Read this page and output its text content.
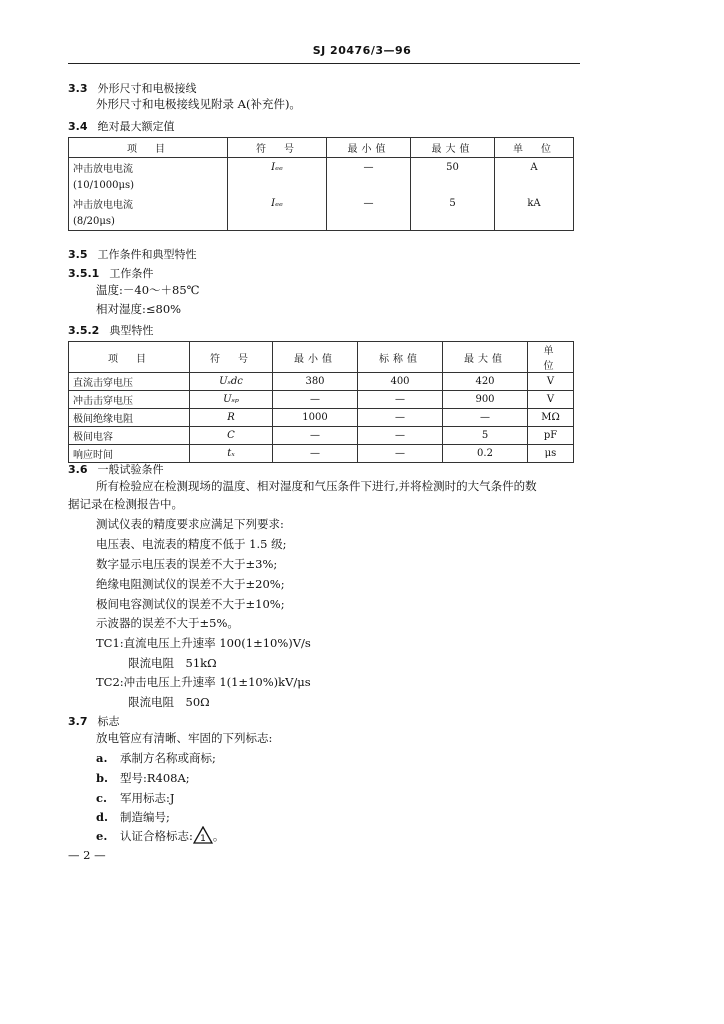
SJ 20476/3—96
3.3 外形尺寸和电极接线
外形尺寸和电极接线见附录 A(补充件)。
3.4 绝对最大额定值
项　目	符　号	最小值	最大值	单　位
冲击放电电流	Iₑₑ	—	50	A
(10/1000μs)				
冲击放电电流	Iₑₑ	—	5	kA
(8/20μs)				
3.5 工作条件和典型特性
3.5.1 工作条件
温度:－40～＋85℃
相对湿度:≤80%
3.5.2 典型特性
项　目	符　号	最小值	标称值	最大值	单　位
直流击穿电压	Uₛdc	380	400	420	V
冲击击穿电压	Uₛₚ	—	—	900	V
极间绝缘电阻	R	1000	—	—	MΩ
极间电容	C	—	—	5	pF
响应时间	tₓ	—	—	0.2	μs
3.6 一般试验条件
所有检验应在检测现场的温度、相对湿度和气压条件下进行,并将检测时的大气条件的数
据记录在检测报告中。
测试仪表的精度要求应满足下列要求:
电压表、电流表的精度不低于 1.5 级;
数字显示电压表的误差不大于±3%;
绝缘电阻测试仪的误差不大于±20%;
极间电容测试仪的误差不大于±10%;
示波器的误差不大于±5%。
TC1:直流电压上升速率 100(1±10%)V/s
限流电阻　51kΩ
TC2:冲击电压上升速率 1(1±10%)kV/μs
限流电阻　50Ω
3.7 标志
放电管应有清晰、牢固的下列标志:
a. 承制方名称或商标;
b. 型号:R408A;
c. 军用标志:J
d. 制造编号;
e. 认证合格标志: 1 。
— 2 —
